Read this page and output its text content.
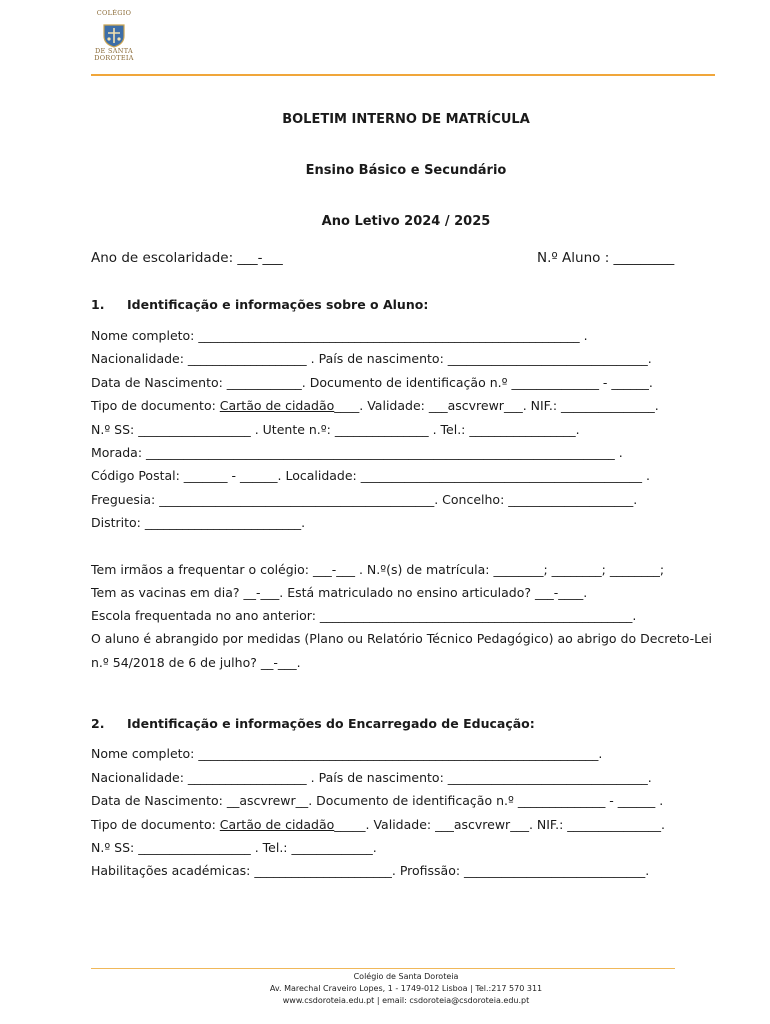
COLÉGIO
DE SANTA
DOROTEIA
BOLETIM INTERNO DE MATRÍCULA
Ensino Básico e Secundário
Ano Letivo 2024 / 2025
Ano de escolaridade: ___-___	N.º Aluno : _________
1. Identificação e informações sobre o Aluno:
Nome completo: _____________________________________________________________ .
Nacionalidade: ___________________ . País de nascimento: ________________________________.
Data de Nascimento: ____________. Documento de identificação n.º ______________ - ______.
Tipo de documento: Cartão de cidadão____. Validade: ___ascvrewr___. NIF.: _______________.
N.º SS: __________________ . Utente n.º: _______________ . Tel.: _________________.
Morada: ___________________________________________________________________________ .
Código Postal: _______ - ______. Localidade: _____________________________________________ .
Freguesia: ____________________________________________. Concelho: ____________________.
Distrito: _________________________.
Tem irmãos a frequentar o colégio: ___-___ . N.º(s) de matrícula: ________; ________; ________;
Tem as vacinas em dia? __-___. Está matriculado no ensino articulado? ___-____.
Escola frequentada no ano anterior: __________________________________________________.
O aluno é abrangido por medidas (Plano ou Relatório Técnico Pedagógico) ao abrigo do Decreto-Lei
n.º 54/2018 de 6 de julho? __-___.
2. Identificação e informações do Encarregado de Educação:
Nome completo: ________________________________________________________________.
Nacionalidade: ___________________ . País de nascimento: ________________________________.
Data de Nascimento: __ascvrewr__. Documento de identificação n.º ______________ - ______ .
Tipo de documento: Cartão de cidadão_____. Validade: ___ascvrewr___. NIF.: _______________.
N.º SS: __________________ . Tel.: _____________.
Habilitações académicas: ______________________. Profissão: _____________________________.
Colégio de Santa Doroteia
Av. Marechal Craveiro Lopes, 1 - 1749-012 Lisboa | Tel.:217 570 311
www.csdoroteia.edu.pt | email: csdoroteia@csdoroteia.edu.pt
